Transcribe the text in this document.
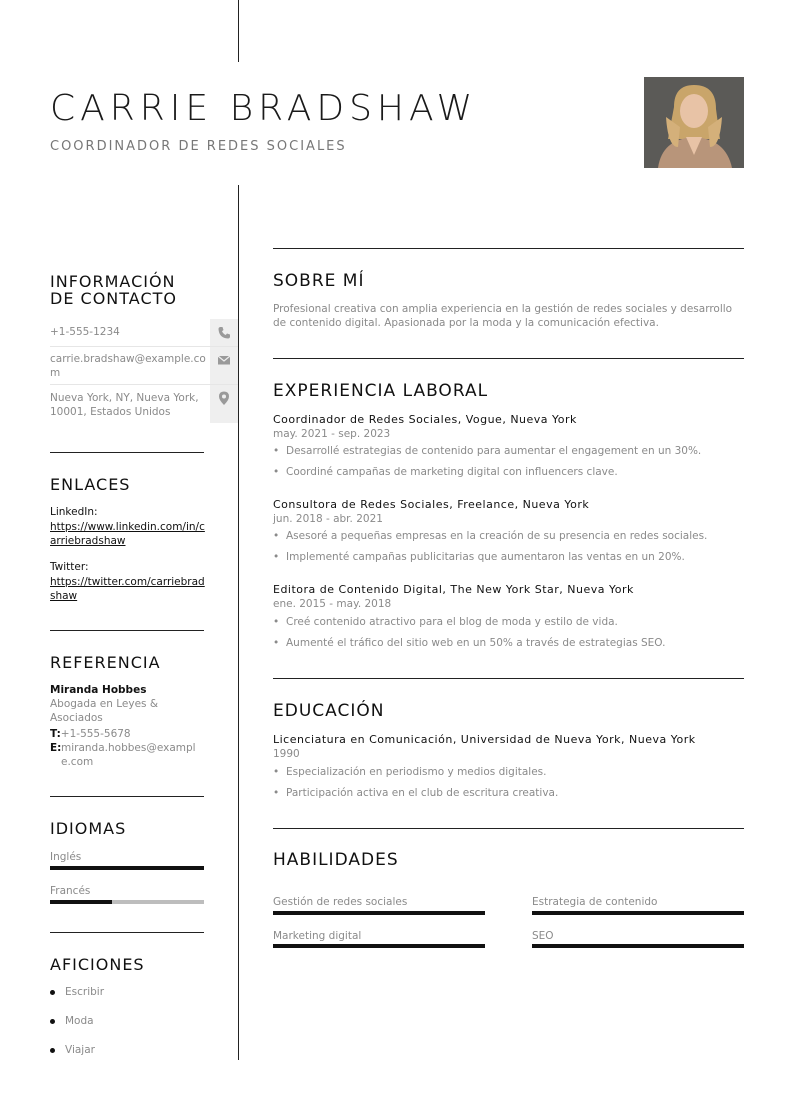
CARRIE BRADSHAW
COORDINADOR DE REDES SOCIALES
INFORMACIÓN
DE CONTACTO
+1-555-1234
carrie.bradshaw@example.com
Nueva York, NY, Nueva York, 10001, Estados Unidos
ENLACES
LinkedIn:
https://www.linkedin.com/in/carriebradshaw
Twitter:
https://twitter.com/carriebradshaw
REFERENCIA
Miranda Hobbes
Abogada en Leyes & Asociados
T:+1-555-5678
E: miranda.hobbes@example.com
IDIOMAS
Inglés
Francés
AFICIONES
Escribir
Moda
Viajar
SOBRE MÍ
Profesional creativa con amplia experiencia en la gestión de redes sociales y desarrollo de contenido digital. Apasionada por la moda y la comunicación efectiva.
EXPERIENCIA LABORAL
Coordinador de Redes Sociales, Vogue, Nueva York
may. 2021 - sep. 2023
• Desarrollé estrategias de contenido para aumentar el engagement en un 30%.
• Coordiné campañas de marketing digital con influencers clave.
Consultora de Redes Sociales, Freelance, Nueva York
jun. 2018 - abr. 2021
• Asesoré a pequeñas empresas en la creación de su presencia en redes sociales.
• Implementé campañas publicitarias que aumentaron las ventas en un 20%.
Editora de Contenido Digital, The New York Star, Nueva York
ene. 2015 - may. 2018
• Creé contenido atractivo para el blog de moda y estilo de vida.
• Aumenté el tráfico del sitio web en un 50% a través de estrategias SEO.
EDUCACIÓN
Licenciatura en Comunicación, Universidad de Nueva York, Nueva York
1990
• Especialización en periodismo y medios digitales.
• Participación activa en el club de escritura creativa.
HABILIDADES
Gestión de redes sociales	Estrategia de contenido
Marketing digital	SEO
